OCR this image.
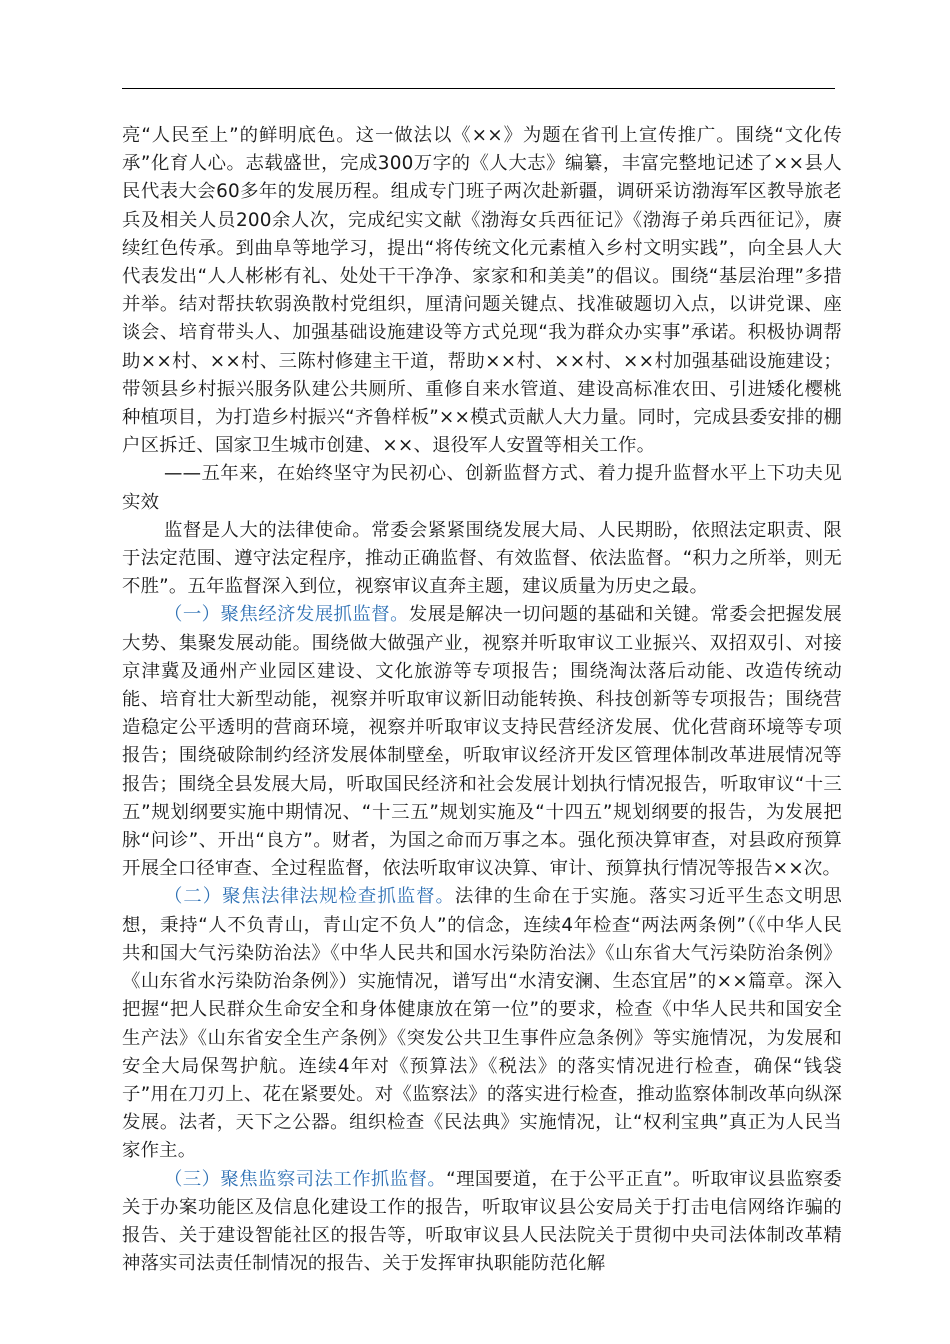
亮“人民至上”的鲜明底色。这一做法以《××》为题在省刊上宣传推广。围绕“文化传承”化育人心。志载盛世，完成300万字的《人大志》编纂，丰富完整地记述了××县人民代表大会60多年的发展历程。组成专门班子两次赴新疆，调研采访渤海军区教导旅老兵及相关人员200余人次，完成纪实文献《渤海女兵西征记》《渤海子弟兵西征记》，赓续红色传承。到曲阜等地学习，提出“将传统文化元素植入乡村文明实践”，向全县人大代表发出“人人彬彬有礼、处处干干净净、家家和和美美”的倡议。围绕“基层治理”多措并举。结对帮扶软弱涣散村党组织，厘清问题关键点、找准破题切入点，以讲党课、座谈会、培育带头人、加强基础设施建设等方式兑现“我为群众办实事”承诺。积极协调帮助××村、××村、三陈村修建主干道，帮助××村、××村、××村加强基础设施建设；带领县乡村振兴服务队建公共厕所、重修自来水管道、建设高标准农田、引进矮化樱桃种植项目，为打造乡村振兴“齐鲁样板”××模式贡献人大力量。同时，完成县委安排的棚户区拆迁、国家卫生城市创建、××、退役军人安置等相关工作。

——五年来，在始终坚守为民初心、创新监督方式、着力提升监督水平上下功夫见实效

监督是人大的法律使命。常委会紧紧围绕发展大局、人民期盼，依照法定职责、限于法定范围、遵守法定程序，推动正确监督、有效监督、依法监督。“积力之所举，则无不胜”。五年监督深入到位，视察审议直奔主题，建议质量为历史之最。

（一）聚焦经济发展抓监督。发展是解决一切问题的基础和关键。常委会把握发展大势、集聚发展动能。围绕做大做强产业，视察并听取审议工业振兴、双招双引、对接京津冀及通州产业园区建设、文化旅游等专项报告；围绕淘汰落后动能、改造传统动能、培育壮大新型动能，视察并听取审议新旧动能转换、科技创新等专项报告；围绕营造稳定公平透明的营商环境，视察并听取审议支持民营经济发展、优化营商环境等专项报告；围绕破除制约经济发展体制壁垒，听取审议经济开发区管理体制改革进展情况等报告；围绕全县发展大局，听取国民经济和社会发展计划执行情况报告，听取审议“十三五”规划纲要实施中期情况、“十三五”规划实施及“十四五”规划纲要的报告，为发展把脉“问诊”、开出“良方”。财者，为国之命而万事之本。强化预决算审查，对县政府预算开展全口径审查、全过程监督，依法听取审议决算、审计、预算执行情况等报告××次。

（二）聚焦法律法规检查抓监督。法律的生命在于实施。落实习近平生态文明思想，秉持“人不负青山，青山定不负人”的信念，连续4年检查“两法两条例”（《中华人民共和国大气污染防治法》《中华人民共和国水污染防治法》《山东省大气污染防治条例》《山东省水污染防治条例》）实施情况，谱写出“水清安澜、生态宜居”的××篇章。深入把握“把人民群众生命安全和身体健康放在第一位”的要求，检查《中华人民共和国安全生产法》《山东省安全生产条例》《突发公共卫生事件应急条例》等实施情况，为发展和安全大局保驾护航。连续4年对《预算法》《税法》的落实情况进行检查，确保“钱袋子”用在刀刃上、花在紧要处。对《监察法》的落实进行检查，推动监察体制改革向纵深发展。法者，天下之公器。组织检查《民法典》实施情况，让“权利宝典”真正为人民当家作主。

（三）聚焦监察司法工作抓监督。“理国要道，在于公平正直”。听取审议县监察委关于办案功能区及信息化建设工作的报告，听取审议县公安局关于打击电信网络诈骗的报告、关于建设智能社区的报告等，听取审议县人民法院关于贯彻中央司法体制改革精神落实司法责任制情况的报告、关于发挥审执职能防范化解
